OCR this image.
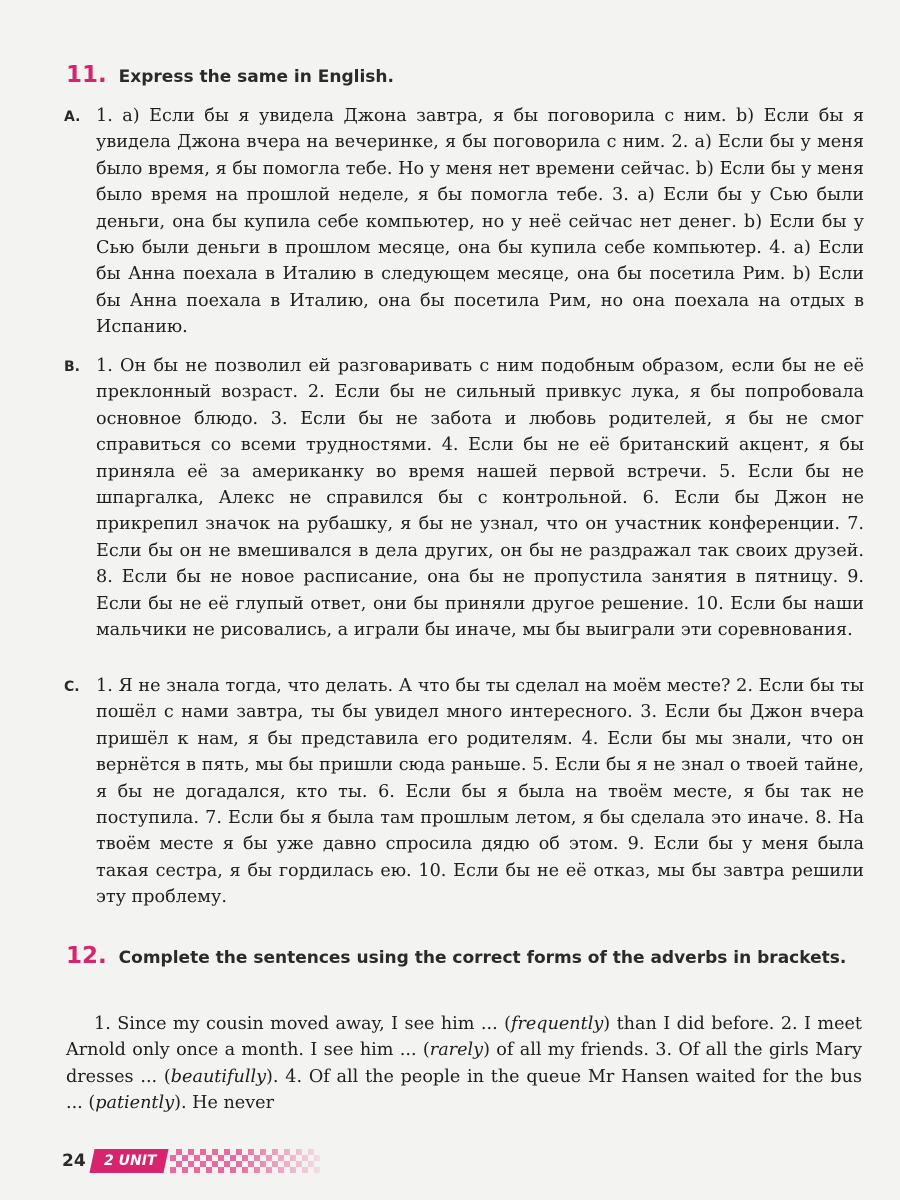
11. Express the same in English.
A. 1. a) Если бы я увидела Джона завтра, я бы поговорила с ним. b) Если бы я увидела Джона вчера на вечеринке, я бы поговорила с ним. 2. a) Если бы у меня было время, я бы помогла тебе. Но у меня нет времени сейчас. b) Если бы у меня было время на прошлой неделе, я бы помогла тебе. 3. a) Если бы у Сью были деньги, она бы купила себе компьютер, но у неё сейчас нет денег. b) Если бы у Сью были деньги в прошлом месяце, она бы купила себе компьютер. 4. a) Если бы Анна поехала в Италию в следующем месяце, она бы посетила Рим. b) Если бы Анна поехала в Италию, она бы посетила Рим, но она поехала на отдых в Испанию.
B. 1. Он бы не позволил ей разговаривать с ним подобным образом, если бы не её преклонный возраст. 2. Если бы не сильный привкус лука, я бы попробовала основное блюдо. 3. Если бы не забота и любовь родителей, я бы не смог справиться со всеми трудностями. 4. Если бы не её британский акцент, я бы приняла её за американку во время нашей первой встречи. 5. Если бы не шпаргалка, Алекс не справился бы с контрольной. 6. Если бы Джон не прикрепил значок на рубашку, я бы не узнал, что он участник конференции. 7. Если бы он не вмешивался в дела других, он бы не раздражал так своих друзей. 8. Если бы не новое расписание, она бы не пропустила занятия в пятницу. 9. Если бы не её глупый ответ, они бы приняли другое решение. 10. Если бы наши мальчики не рисовались, а играли бы иначе, мы бы выиграли эти соревнования.
C. 1. Я не знала тогда, что делать. А что бы ты сделал на моём месте? 2. Если бы ты пошёл с нами завтра, ты бы увидел много интересного. 3. Если бы Джон вчера пришёл к нам, я бы представила его родителям. 4. Если бы мы знали, что он вернётся в пять, мы бы пришли сюда раньше. 5. Если бы я не знал о твоей тайне, я бы не догадался, кто ты. 6. Если бы я была на твоём месте, я бы так не поступила. 7. Если бы я была там прошлым летом, я бы сделала это иначе. 8. На твоём месте я бы уже давно спросила дядю об этом. 9. Если бы у меня была такая сестра, я бы гордилась ею. 10. Если бы не её отказ, мы бы завтра решили эту проблему.
12. Complete the sentences using the correct forms of the adverbs in brackets.
1. Since my cousin moved away, I see him ... (frequently) than I did before. 2. I meet Arnold only once a month. I see him ... (rarely) of all my friends. 3. Of all the girls Mary dresses ... (beautifully). 4. Of all the people in the queue Mr Hansen waited for the bus ... (patiently). He never
24	2 UNIT
